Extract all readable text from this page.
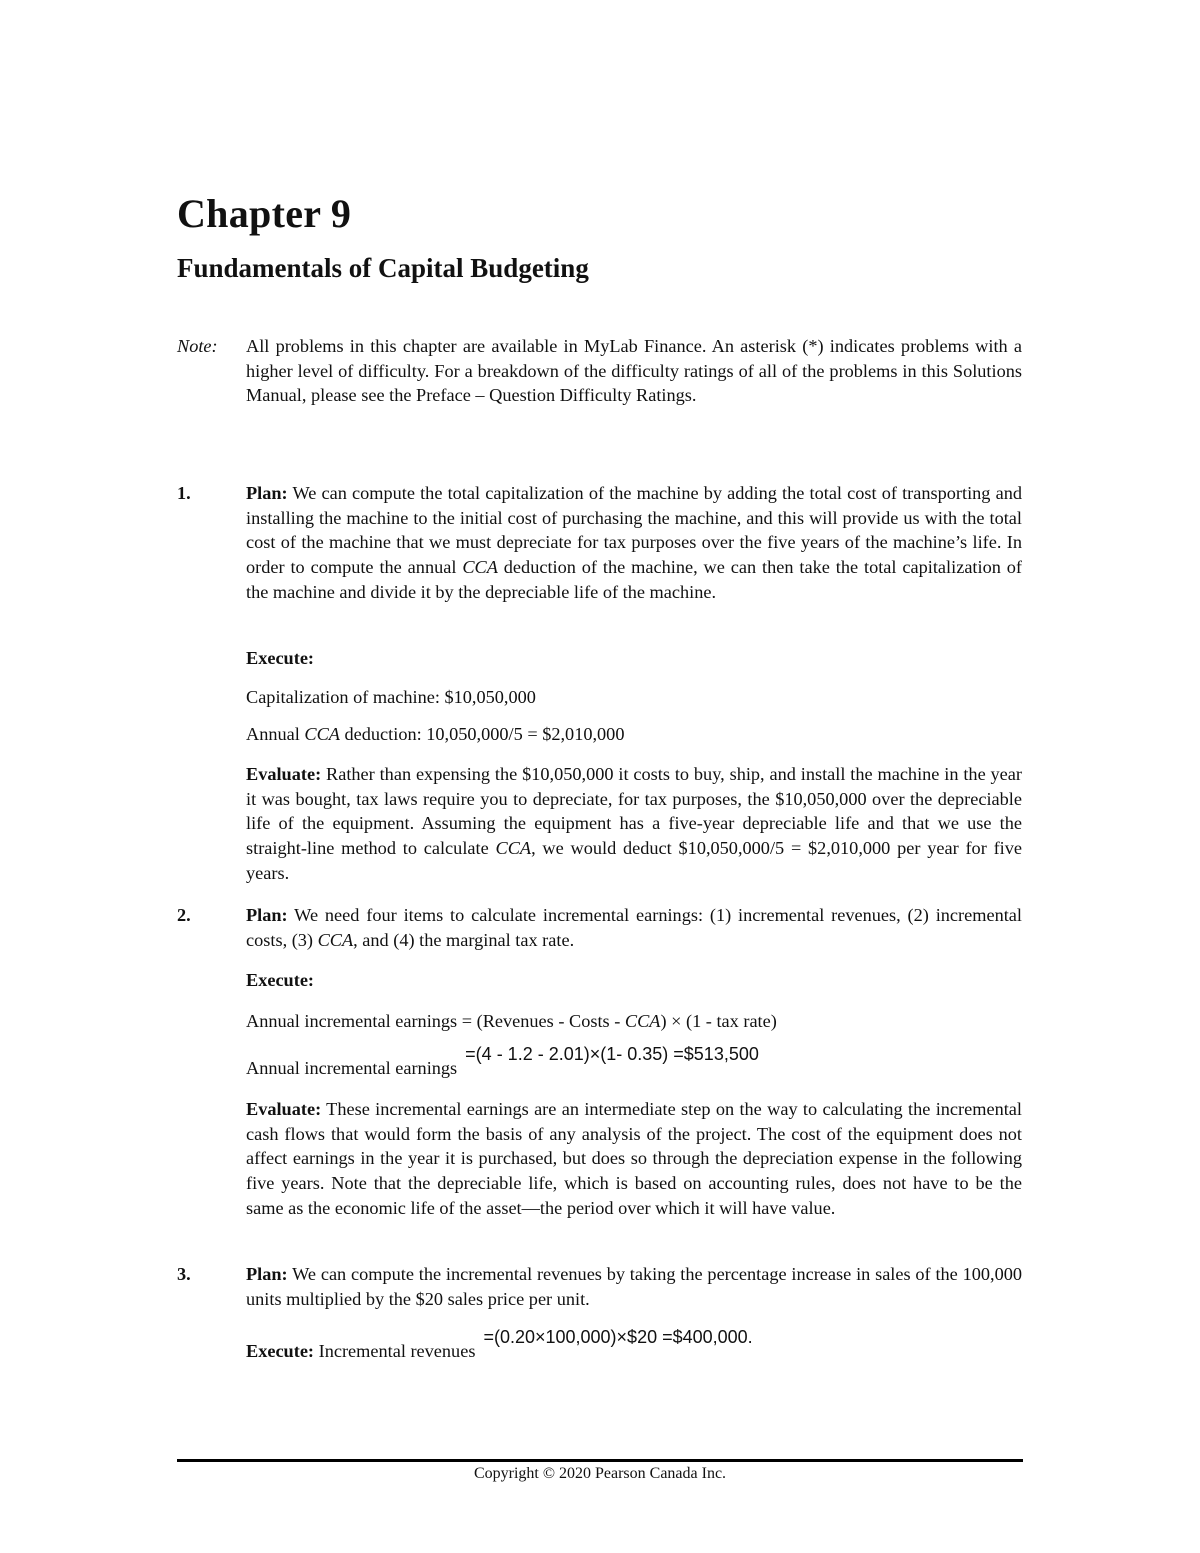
Chapter 9
Fundamentals of Capital Budgeting
Note: All problems in this chapter are available in MyLab Finance. An asterisk (*) indicates problems with a higher level of difficulty. For a breakdown of the difficulty ratings of all of the problems in this Solutions Manual, please see the Preface – Question Difficulty Ratings.
1.	Plan: We can compute the total capitalization of the machine by adding the total cost of transporting and installing the machine to the initial cost of purchasing the machine, and this will provide us with the total cost of the machine that we must depreciate for tax purposes over the five years of the machine’s life. In order to compute the annual CCA deduction of the machine, we can then take the total capitalization of the machine and divide it by the depreciable life of the machine.
Execute:
Capitalization of machine: $10,050,000
Annual CCA deduction: 10,050,000/5 = $2,010,000
Evaluate: Rather than expensing the $10,050,000 it costs to buy, ship, and install the machine in the year it was bought, tax laws require you to depreciate, for tax purposes, the $10,050,000 over the depreciable life of the equipment. Assuming the equipment has a five-year depreciable life and that we use the straight-line method to calculate CCA, we would deduct $10,050,000/5 = $2,010,000 per year for five years.
2.	Plan: We need four items to calculate incremental earnings: (1) incremental revenues, (2) incremental costs, (3) CCA, and (4) the marginal tax rate.
Execute:
Annual incremental earnings = (Revenues - Costs - CCA) × (1 - tax rate)
Annual incremental earnings=(4 - 1.2 - 2.01)×(1- 0.35) =$513,500
Evaluate: These incremental earnings are an intermediate step on the way to calculating the incremental cash flows that would form the basis of any analysis of the project. The cost of the equipment does not affect earnings in the year it is purchased, but does so through the depreciation expense in the following five years. Note that the depreciable life, which is based on accounting rules, does not have to be the same as the economic life of the asset—the period over which it will have value.
3.	Plan: We can compute the incremental revenues by taking the percentage increase in sales of the 100,000 units multiplied by the $20 sales price per unit.
Execute: Incremental revenues=(0.20×100,000)×$20 =$400,000.
Copyright © 2020 Pearson Canada Inc.
